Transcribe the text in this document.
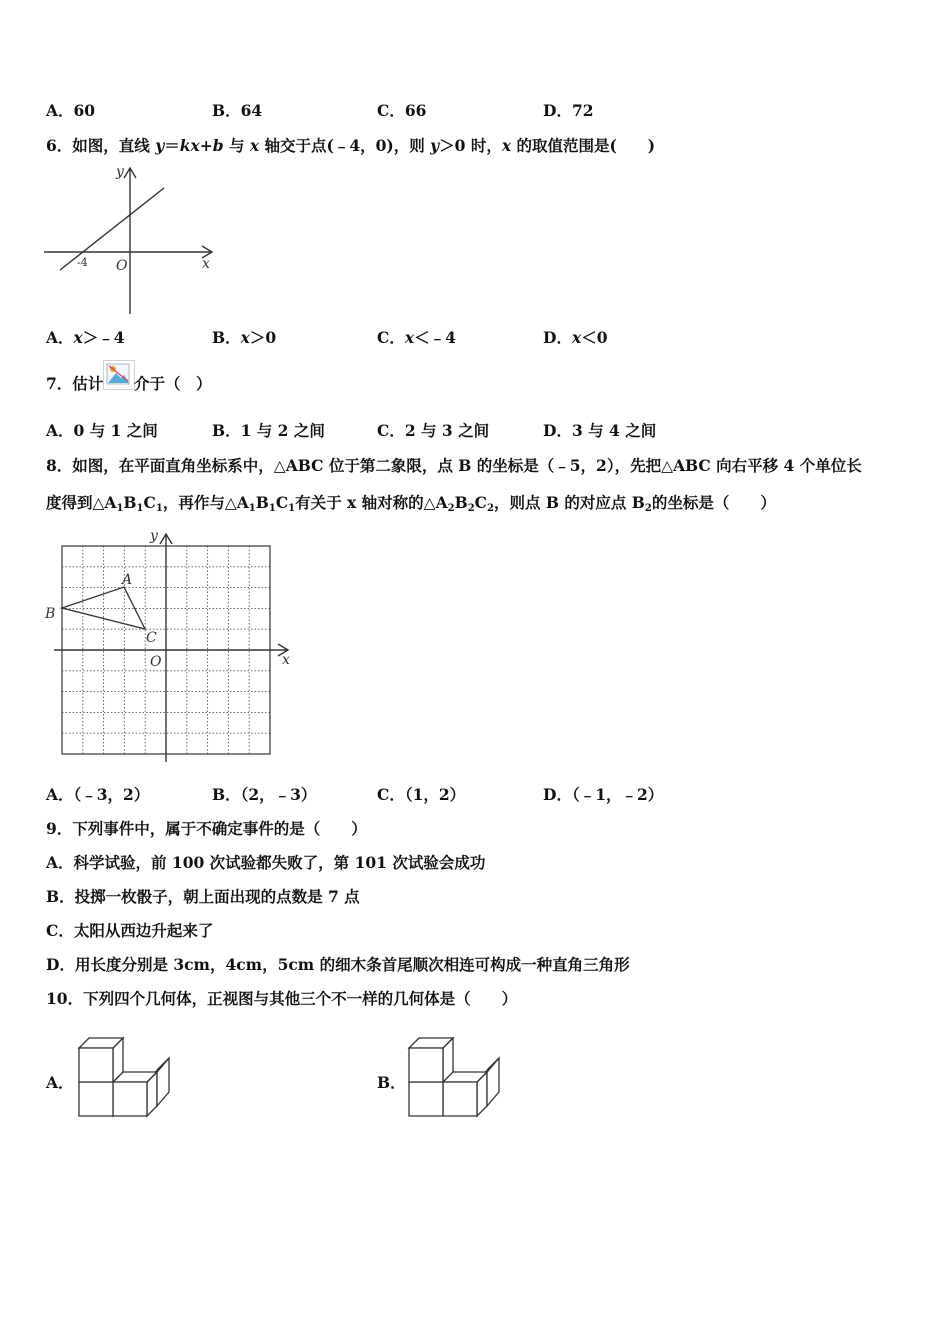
A．60	B．64	C．66	D．72
6．如图，直线 y＝kx+b 与 x 轴交于点(﹣4，0)，则 y＞0 时，x 的取值范围是(　　)
y
x
O
-4
A．x＞﹣4	B．x＞0	C．x＜﹣4	D．x＜0
7．估计 介于（　）
A．0 与 1 之间	B．1 与 2 之间	C．2 与 3 之间	D．3 与 4 之间
8．如图，在平面直角坐标系中，△ABC 位于第二象限，点 B 的坐标是（﹣5，2），先把△ABC 向右平移 4 个单位长
度得到$\triangle A_1B_1C_1$，再作与$\triangle A_1B_1C_1$有关于 x 轴对称的$\triangle A_2B_2C_2$，则点 B 的对应点 $B_2$的坐标是（　　）
y
x
O
A
B
C
A．（﹣3，2）	B．（2，﹣3）	C．（1，2）	D．（﹣1，﹣2）
9．下列事件中，属于不确定事件的是（　　）
A．科学试验，前 100 次试验都失败了，第 101 次试验会成功
B．投掷一枚骰子，朝上面出现的点数是 7 点
C．太阳从西边升起来了
D．用长度分别是 3cm，4cm，5cm 的细木条首尾顺次相连可构成一种直角三角形
10．下列四个几何体，正视图与其他三个不一样的几何体是（　　）
A．	B．
